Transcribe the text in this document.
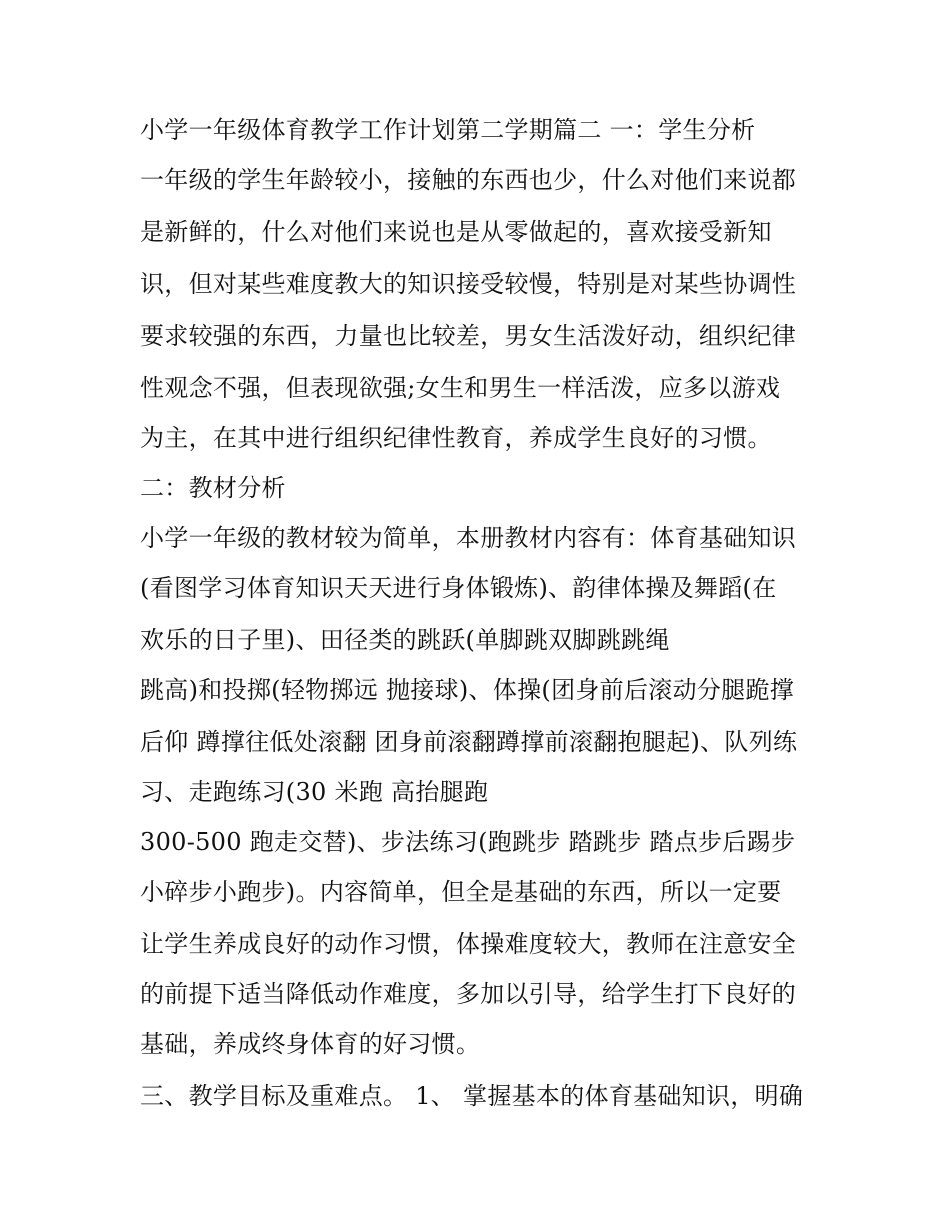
小学一年级体育教学工作计划第二学期篇二 一：学生分析

一年级的学生年龄较小，接触的东西也少，什么对他们来说都

是新鲜的，什么对他们来说也是从零做起的，喜欢接受新知

识，但对某些难度教大的知识接受较慢，特别是对某些协调性

要求较强的东西，力量也比较差，男女生活泼好动，组织纪律

性观念不强，但表现欲强;女生和男生一样活泼，应多以游戏

为主，在其中进行组织纪律性教育，养成学生良好的习惯。

二：教材分析

小学一年级的教材较为简单，本册教材内容有：体育基础知识

(看图学习体育知识天天进行身体锻炼)、韵律体操及舞蹈(在

欢乐的日子里)、田径类的跳跃(单脚跳双脚跳跳绳

跳高)和投掷(轻物掷远 抛接球)、体操(团身前后滚动分腿跪撑

后仰 蹲撑往低处滚翻 团身前滚翻蹲撑前滚翻抱腿起)、队列练

习、走跑练习(30 米跑 高抬腿跑

300-500 跑走交替)、步法练习(跑跳步 踏跳步 踏点步后踢步

小碎步小跑步)。内容简单，但全是基础的东西，所以一定要

让学生养成良好的动作习惯，体操难度较大，教师在注意安全

的前提下适当降低动作难度，多加以引导，给学生打下良好的

基础，养成终身体育的好习惯。

三、教学目标及重难点。 1、 掌握基本的体育基础知识，明确
